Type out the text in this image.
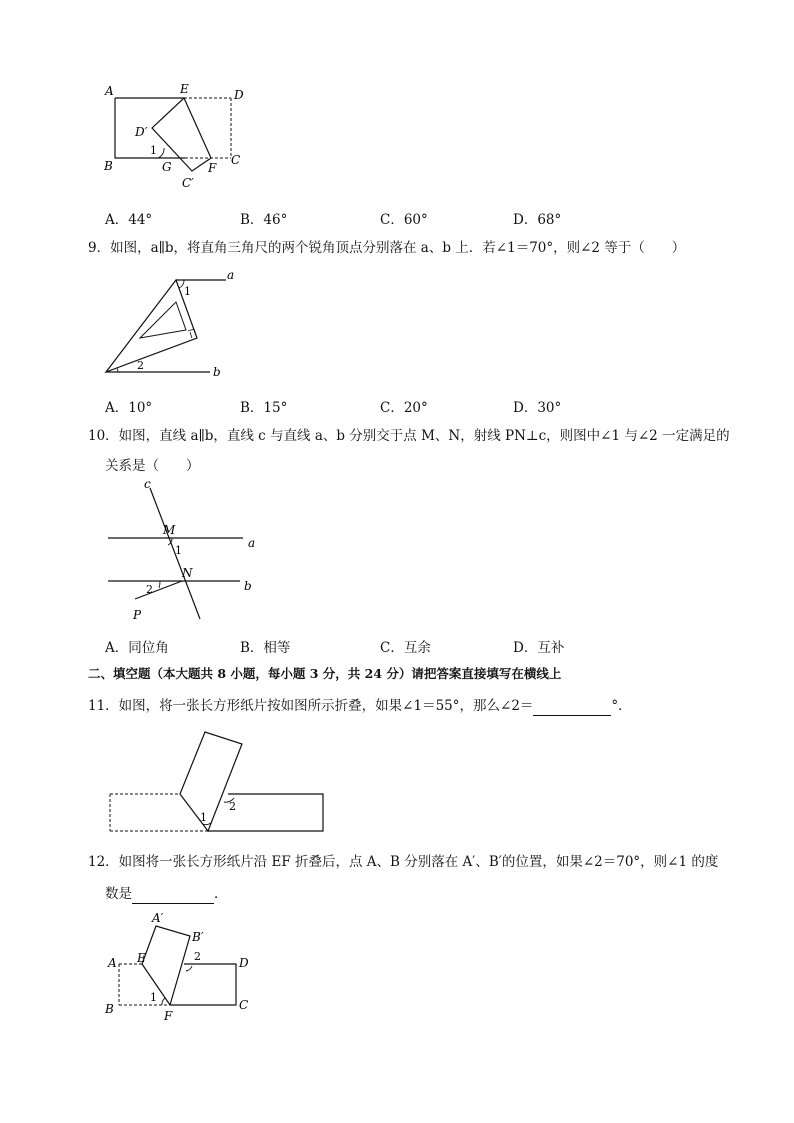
A	E	D
D′
1
B	G	F
C
C′
A．44°	B．46°	C．60°	D．68°
9．如图，a∥b，将直角三角尺的两个锐角顶点分别落在 a、b 上．若∠1＝70°，则∠2 等于（　　）
a
1
2	b
A．10°	B．15°	C．20°	D．30°
10．如图，直线 a∥b，直线 c 与直线 a、b 分别交于点 M、N，射线 PN⊥c，则图中∠1 与∠2 一定满足的
关系是（　　）
c
M
a
1
N
b
2
P
A．同位角	B．相等	C．互余	D．互补
二、填空题（本大题共 8 小题，每小题 3 分，共 24 分）请把答案直接填写在横线上
11．如图，将一张长方形纸片按如图所示折叠，如果∠1＝55°，那么∠2＝	°．
1
2
12．如图将一张长方形纸片沿 EF 折叠后，点 A、B 分别落在 A′、B′的位置，如果∠2＝70°，则∠1 的度
数是	．
A′
B′
E	2
A	D
1
B	C
F
